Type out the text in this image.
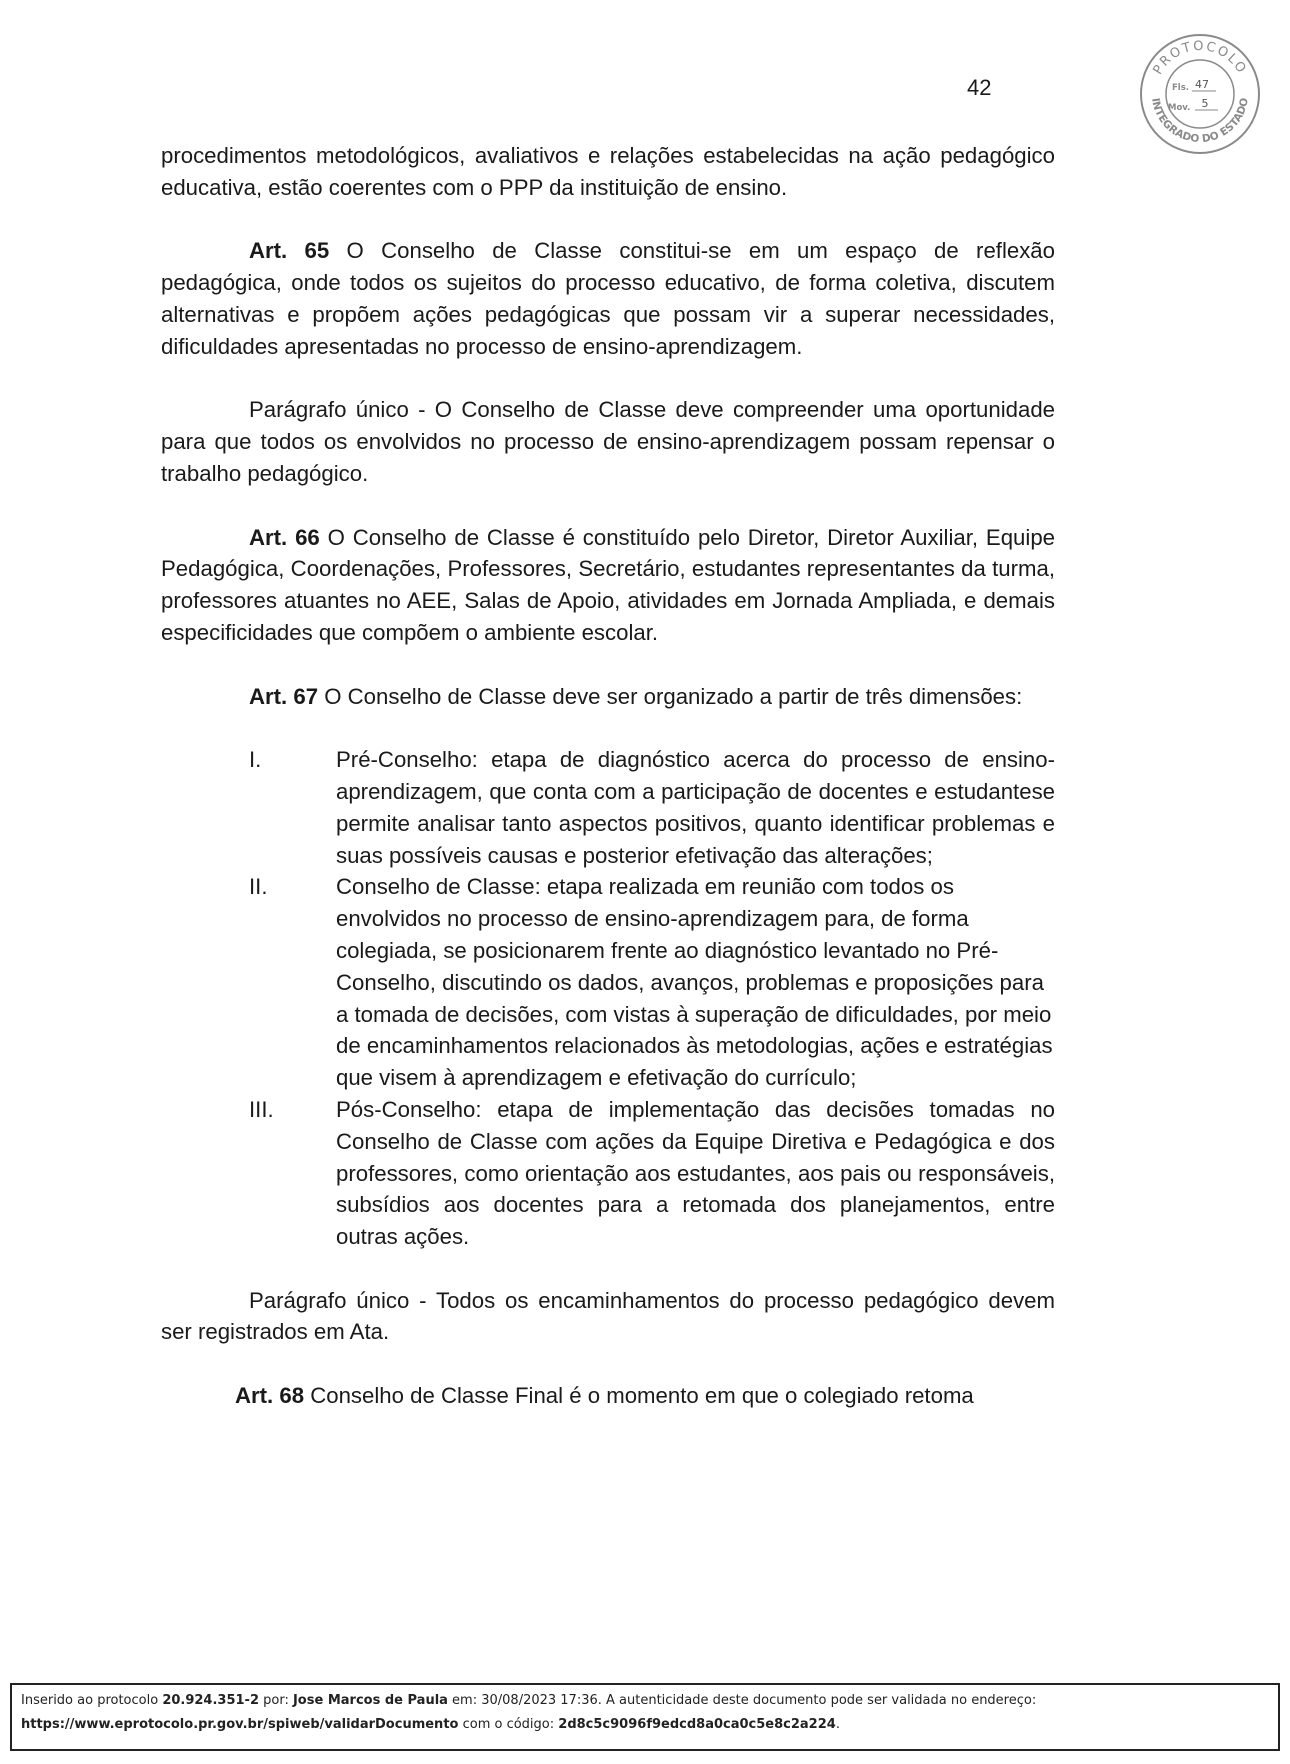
42
PROTOCOLO
INTEGRADO DO ESTADO
Fls. 47
Mov. 5

procedimentos metodológicos, avaliativos e relações estabelecidas na ação pedagógico educativa, estão coerentes com o PPP da instituição de ensino.

Art. 65 O Conselho de Classe constitui-se em um espaço de reflexão pedagógica, onde todos os sujeitos do processo educativo, de forma coletiva, discutem alternativas e propõem ações pedagógicas que possam vir a superar necessidades, dificuldades apresentadas no processo de ensino-aprendizagem.

Parágrafo único - O Conselho de Classe deve compreender uma oportunidade para que todos os envolvidos no processo de ensino-aprendizagem possam repensar o trabalho pedagógico.

Art. 66 O Conselho de Classe é constituído pelo Diretor, Diretor Auxiliar, Equipe Pedagógica, Coordenações, Professores, Secretário, estudantes representantes da turma, professores atuantes no AEE, Salas de Apoio, atividades em Jornada Ampliada, e demais especificidades que compõem o ambiente escolar.

Art. 67 O Conselho de Classe deve ser organizado a partir de três dimensões:

I.	Pré-Conselho: etapa de diagnóstico acerca do processo de ensino- aprendizagem, que conta com a participação de docentes e estudantese permite analisar tanto aspectos positivos, quanto identificar problemas e suas possíveis causas e posterior efetivação das alterações;
II.	Conselho de Classe: etapa realizada em reunião com todos os envolvidos no processo de ensino-aprendizagem para, de forma colegiada, se posicionarem frente ao diagnóstico levantado no Pré- Conselho, discutindo os dados, avanços, problemas e proposições para a tomada de decisões, com vistas à superação de dificuldades, por meio de encaminhamentos relacionados às metodologias, ações e estratégias que visem à aprendizagem e efetivação do currículo;
III.	Pós-Conselho: etapa de implementação das decisões tomadas no Conselho de Classe com ações da Equipe Diretiva e Pedagógica e dos professores, como orientação aos estudantes, aos pais ou responsáveis, subsídios aos docentes para a retomada dos planejamentos, entre outras ações.

Parágrafo único - Todos os encaminhamentos do processo pedagógico devem ser registrados em Ata.

Art. 68 Conselho de Classe Final é o momento em que o colegiado retoma

Inserido ao protocolo 20.924.351-2 por: Jose Marcos de Paula em: 30/08/2023 17:36. A autenticidade deste documento pode ser validada no endereço:
https://www.eprotocolo.pr.gov.br/spiweb/validarDocumento com o código: 2d8c5c9096f9edcd8a0ca0c5e8c2a224.
